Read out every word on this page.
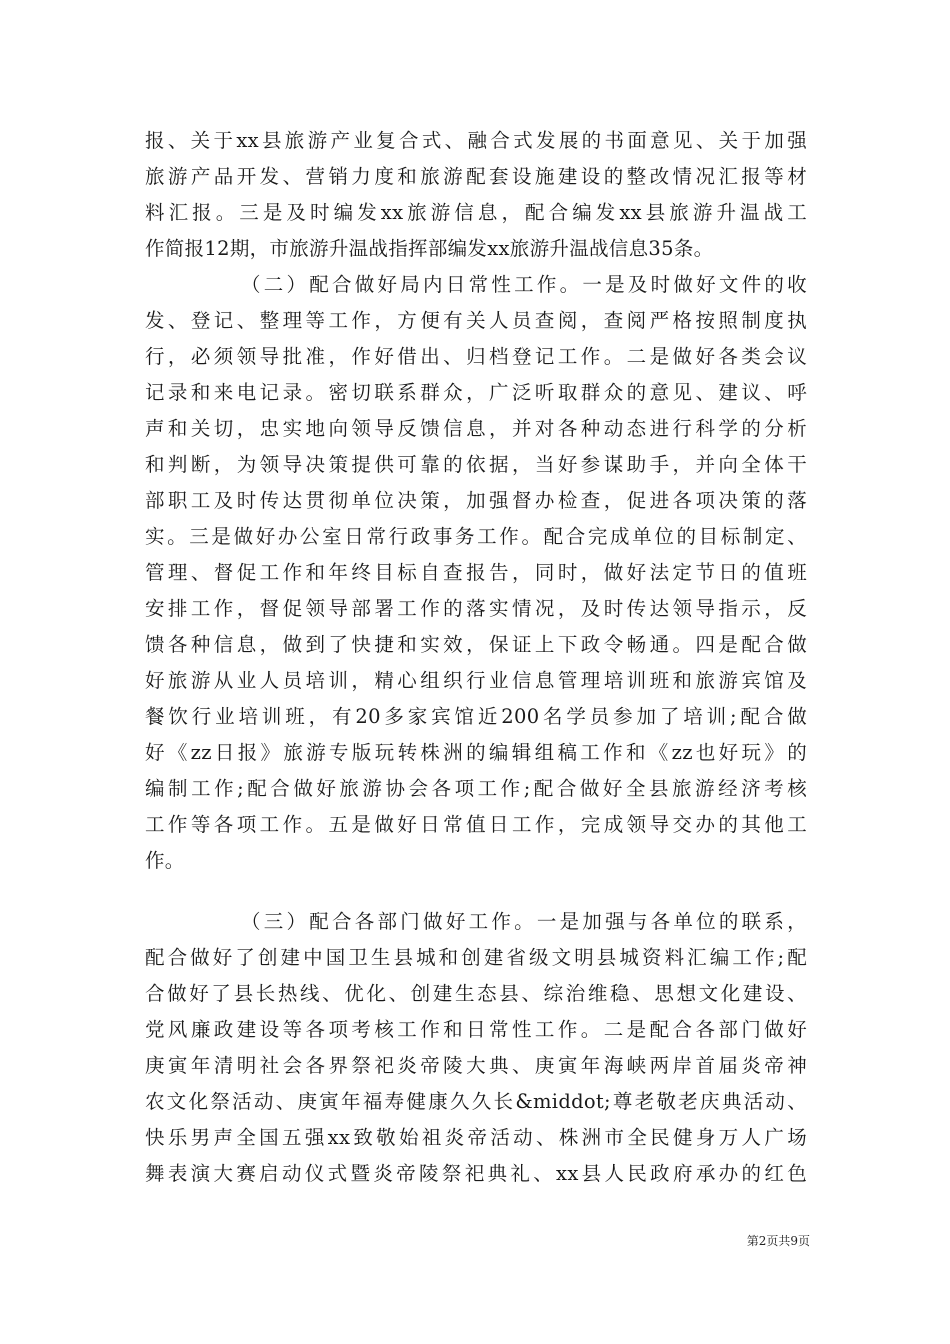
报、关于xx县旅游产业复合式、融合式发展的书面意见、关于加强
旅游产品开发、营销力度和旅游配套设施建设的整改情况汇报等材
料汇报。三是及时编发xx旅游信息，配合编发xx县旅游升温战工
作简报12期，市旅游升温战指挥部编发xx旅游升温战信息35条。
（二）配合做好局内日常性工作。一是及时做好文件的收
发、登记、整理等工作，方便有关人员查阅，查阅严格按照制度执
行，必须领导批准，作好借出、归档登记工作。二是做好各类会议
记录和来电记录。密切联系群众，广泛听取群众的意见、建议、呼
声和关切，忠实地向领导反馈信息，并对各种动态进行科学的分析
和判断，为领导决策提供可靠的依据，当好参谋助手，并向全体干
部职工及时传达贯彻单位决策，加强督办检查，促进各项决策的落
实。三是做好办公室日常行政事务工作。配合完成单位的目标制定、
管理、督促工作和年终目标自查报告，同时，做好法定节日的值班
安排工作，督促领导部署工作的落实情况，及时传达领导指示，反
馈各种信息，做到了快捷和实效，保证上下政令畅通。四是配合做
好旅游从业人员培训，精心组织行业信息管理培训班和旅游宾馆及
餐饮行业培训班，有20多家宾馆近200名学员参加了培训;配合做
好《zz日报》旅游专版玩转株洲的编辑组稿工作和《zz也好玩》的
编制工作;配合做好旅游协会各项工作;配合做好全县旅游经济考核
工作等各项工作。五是做好日常值日工作，完成领导交办的其他工
作。
（三）配合各部门做好工作。一是加强与各单位的联系，
配合做好了创建中国卫生县城和创建省级文明县城资料汇编工作;配
合做好了县长热线、优化、创建生态县、综治维稳、思想文化建设、
党风廉政建设等各项考核工作和日常性工作。二是配合各部门做好
庚寅年清明社会各界祭祀炎帝陵大典、庚寅年海峡两岸首届炎帝神
农文化祭活动、庚寅年福寿健康久久长&middot;尊老敬老庆典活动、
快乐男声全国五强xx致敬始祖炎帝活动、株洲市全民健身万人广场
舞表演大赛启动仪式暨炎帝陵祭祀典礼、xx县人民政府承办的红色
第2页共9页
